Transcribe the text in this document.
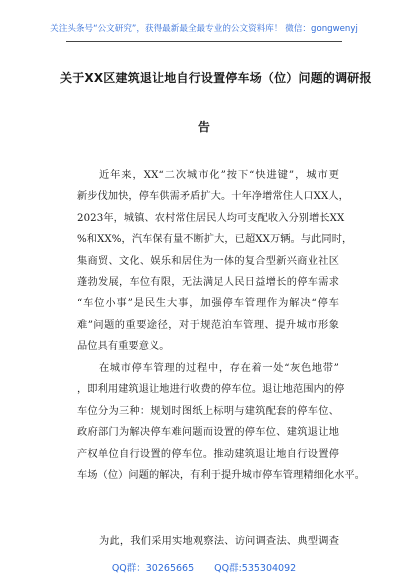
关注头条号“公文研究”，获得最新最全最专业的公文资料库！ 微信：gongwenyj
关于XX区建筑退让地自行设置停车场（位）问题的调研报
告
近年来，XX“二次城市化”按下“快进键”，城市更
新步伐加快，停车供需矛盾扩大。十年净增常住人口XX人，
2023年，城镇、农村常住居民人均可支配收入分别增长XX
%和XX%，汽车保有量不断扩大，已超XX万辆。与此同时，
集商贸、文化、娱乐和居住为一体的复合型新兴商业社区
蓬勃发展，车位有限，无法满足人民日益增长的停车需求
“车位小事”是民生大事，加强停车管理作为解决“停车
难”问题的重要途径，对于规范泊车管理、提升城市形象
品位具有重要意义。
在城市停车管理的过程中，存在着一处“灰色地带”
，即利用建筑退让地进行收费的停车位。退让地范围内的停
车位分为三种：规划时图纸上标明与建筑配套的停车位、
政府部门为解决停车难问题而设置的停车位、建筑退让地
产权单位自行设置的停车位。推动建筑退让地自行设置停
车场（位）问题的解决，有利于提升城市停车管理精细化水平。
为此，我们采用实地观察法、访问调查法、典型调查
QQ群：30265665 QQ群:535304092
